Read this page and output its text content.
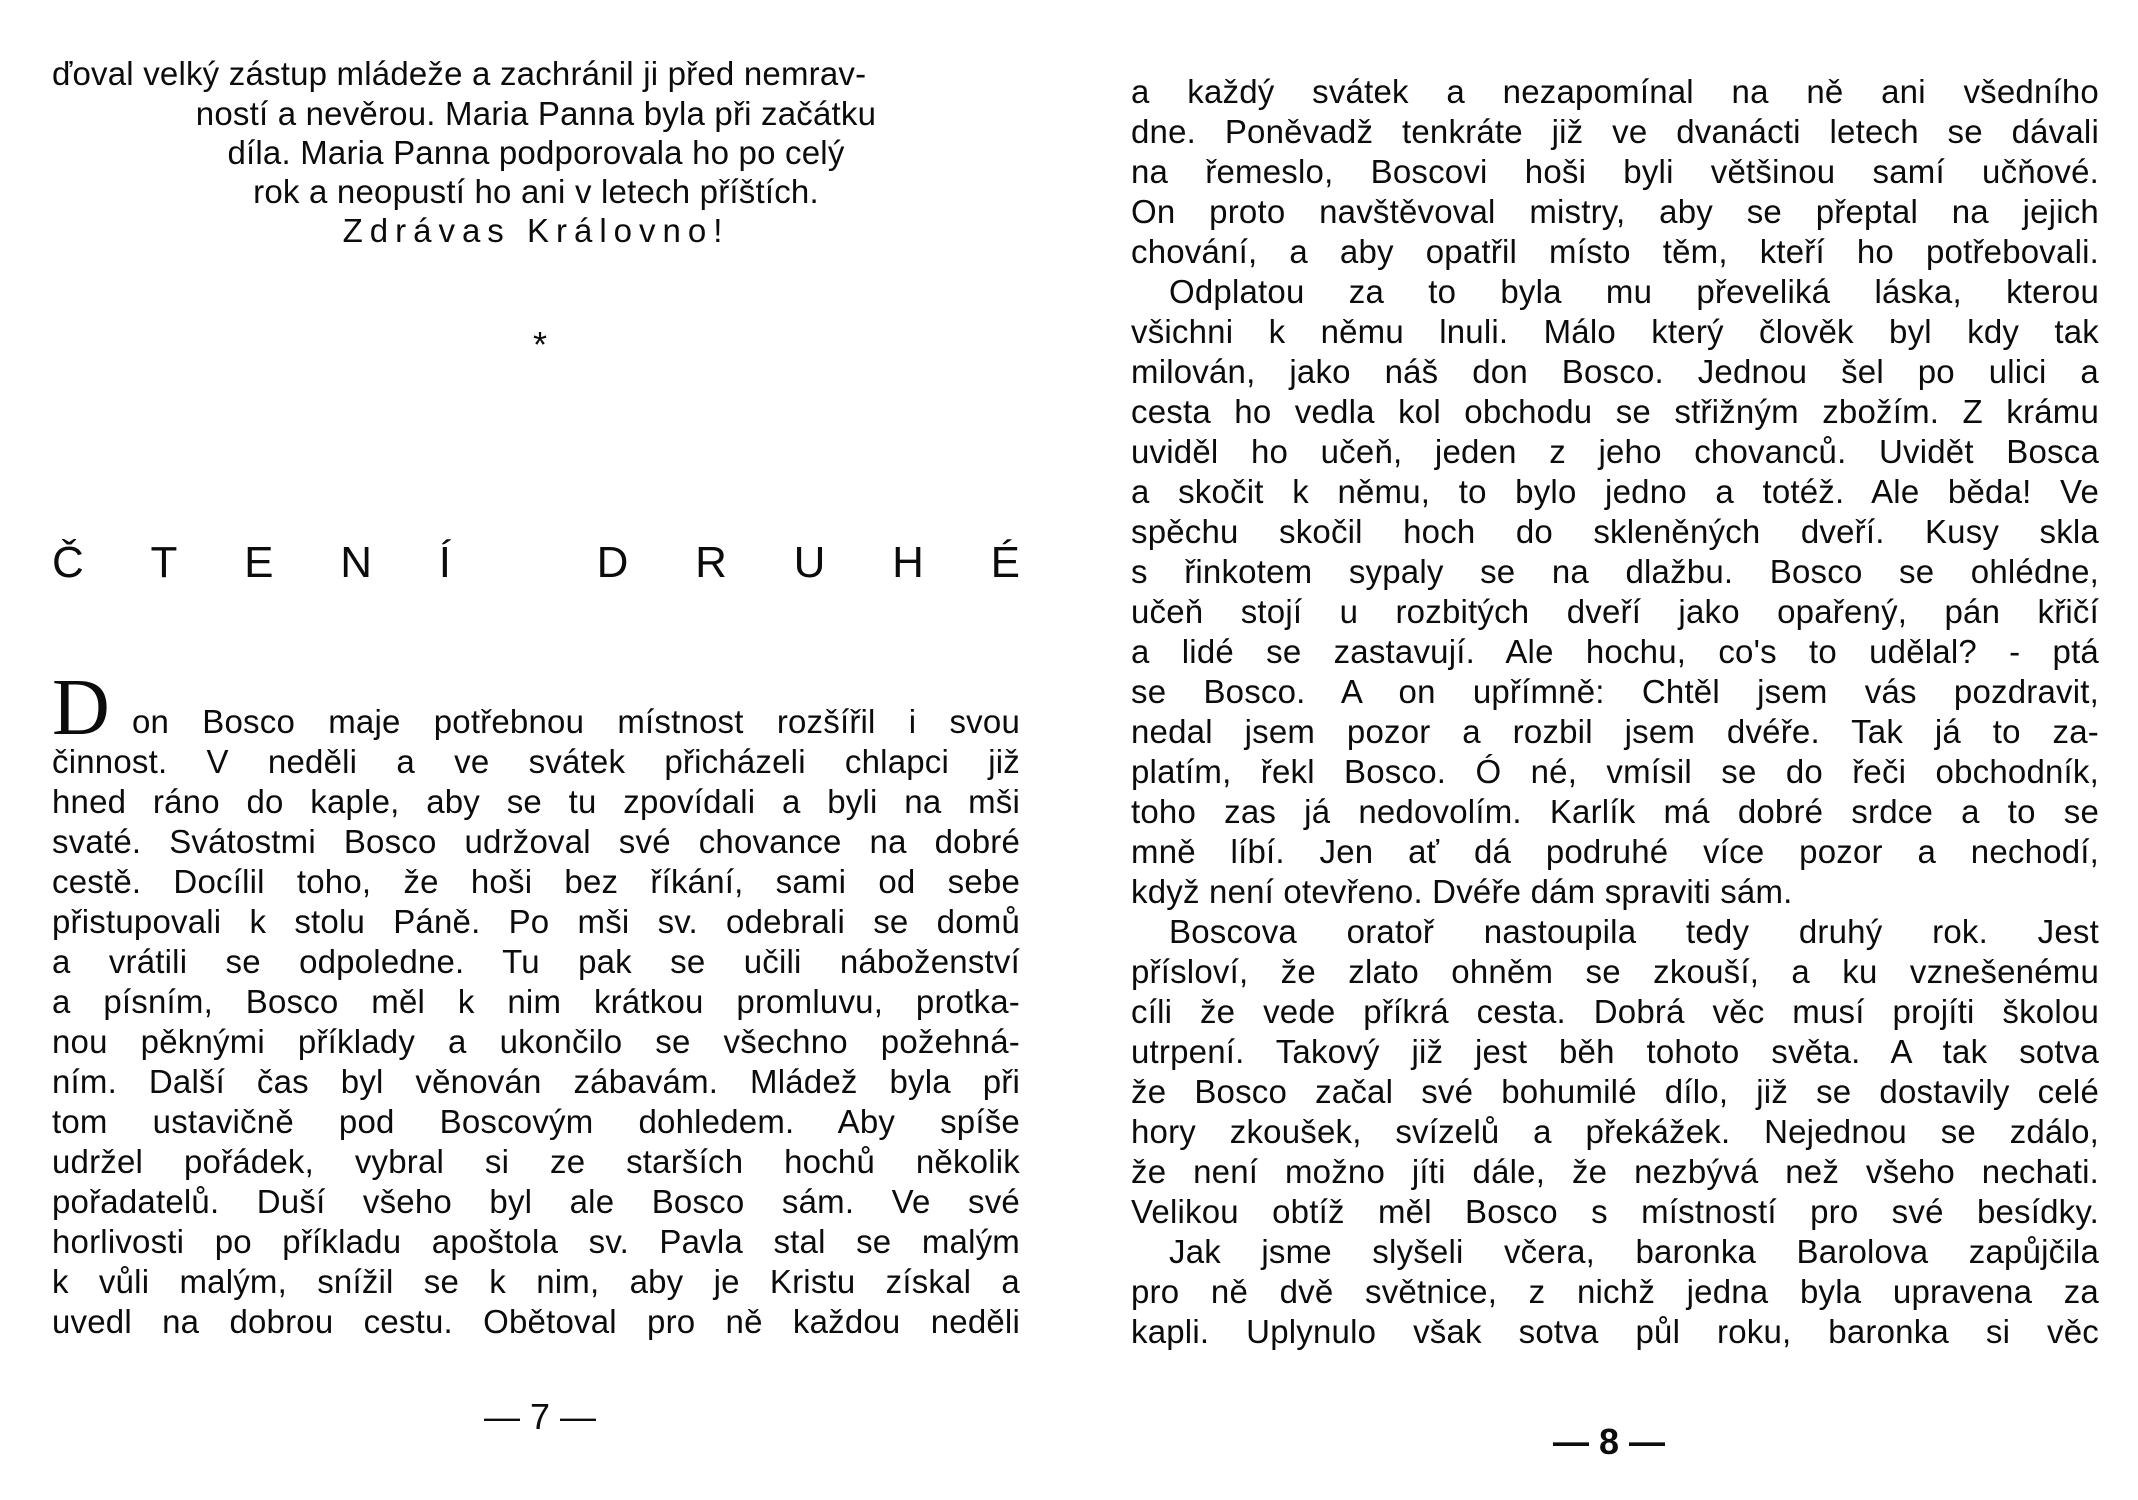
ďoval velký zástup mládeže a zachránil ji před nemrav-
ností a nevěrou. Maria Panna byla při začátku
díla. Maria Panna podporovala ho po celý
rok a neopustí ho ani v letech příštích.
Zdrávas Královno!
*
Č T E N Í
	D R U H É
D on Bosco maje potřebnou místnost rozšířil i svou
činnost. V neděli a ve svátek přicházeli chlapci již
hned ráno do kaple, aby se tu zpovídali a byli na mši
svaté. Svátostmi Bosco udržoval své chovance na dobré
cestě. Docílil toho, že hoši bez říkání, sami od sebe
přistupovali k stolu Páně. Po mši sv. odebrali se domů
a vrátili se odpoledne. Tu pak se učili náboženství
a písním, Bosco měl k nim krátkou promluvu, protka-
nou pěknými příklady a ukončilo se všechno požehná-
ním. Další čas byl věnován zábavám. Mládež byla při
tom ustavičně pod Boscovým dohledem. Aby spíše
udržel pořádek, vybral si ze starších hochů několik
pořadatelů. Duší všeho byl ale Bosco sám. Ve své
horlivosti po příkladu apoštola sv. Pavla stal se malým
k vůli malým, snížil se k nim, aby je Kristu získal a
uvedl na dobrou cestu. Obětoval pro ně každou neděli
— 7 —
a každý svátek a nezapomínal na ně ani všedního
dne. Poněvadž tenkráte již ve dvanácti letech se dávali
na řemeslo, Boscovi hoši byli většinou samí učňové.
On proto navštěvoval mistry, aby se přeptal na jejich
chování, a aby opatřil místo těm, kteří ho potřebovali.
Odplatou za to byla mu převeliká láska, kterou
všichni k němu lnuli. Málo který člověk byl kdy tak
milován, jako náš don Bosco. Jednou šel po ulici a
cesta ho vedla kol obchodu se střižným zbožím. Z krámu
uviděl ho učeň, jeden z jeho chovanců. Uvidět Bosca
a skočit k němu, to bylo jedno a totéž. Ale běda! Ve
spěchu skočil hoch do skleněných dveří. Kusy skla
s řinkotem sypaly se na dlažbu. Bosco se ohlédne,
učeň stojí u rozbitých dveří jako opařený, pán křičí
a lidé se zastavují. Ale hochu, co's to udělal? - ptá
se Bosco. A on upřímně: Chtěl jsem vás pozdravit,
nedal jsem pozor a rozbil jsem dvéře. Tak já to za-
platím, řekl Bosco. Ó né, vmísil se do řeči obchodník,
toho zas já nedovolím. Karlík má dobré srdce a to se
mně líbí. Jen ať dá podruhé více pozor a nechodí,
když není otevřeno. Dvéře dám spraviti sám.
Boscova oratoř nastoupila tedy druhý rok. Jest
přísloví, že zlato ohněm se zkouší, a ku vznešenému
cíli že vede příkrá cesta. Dobrá věc musí projíti školou
utrpení. Takový již jest běh tohoto světa. A tak sotva
že Bosco začal své bohumilé dílo, již se dostavily celé
hory zkoušek, svízelů a překážek. Nejednou se zdálo,
že není možno jíti dále, že nezbývá než všeho nechati.
Velikou obtíž měl Bosco s místností pro své besídky.
Jak jsme slyšeli včera, baronka Barolova zapůjčila
pro ně dvě světnice, z nichž jedna byla upravena za
kapli. Uplynulo však sotva půl roku, baronka si věc
— 8 —
